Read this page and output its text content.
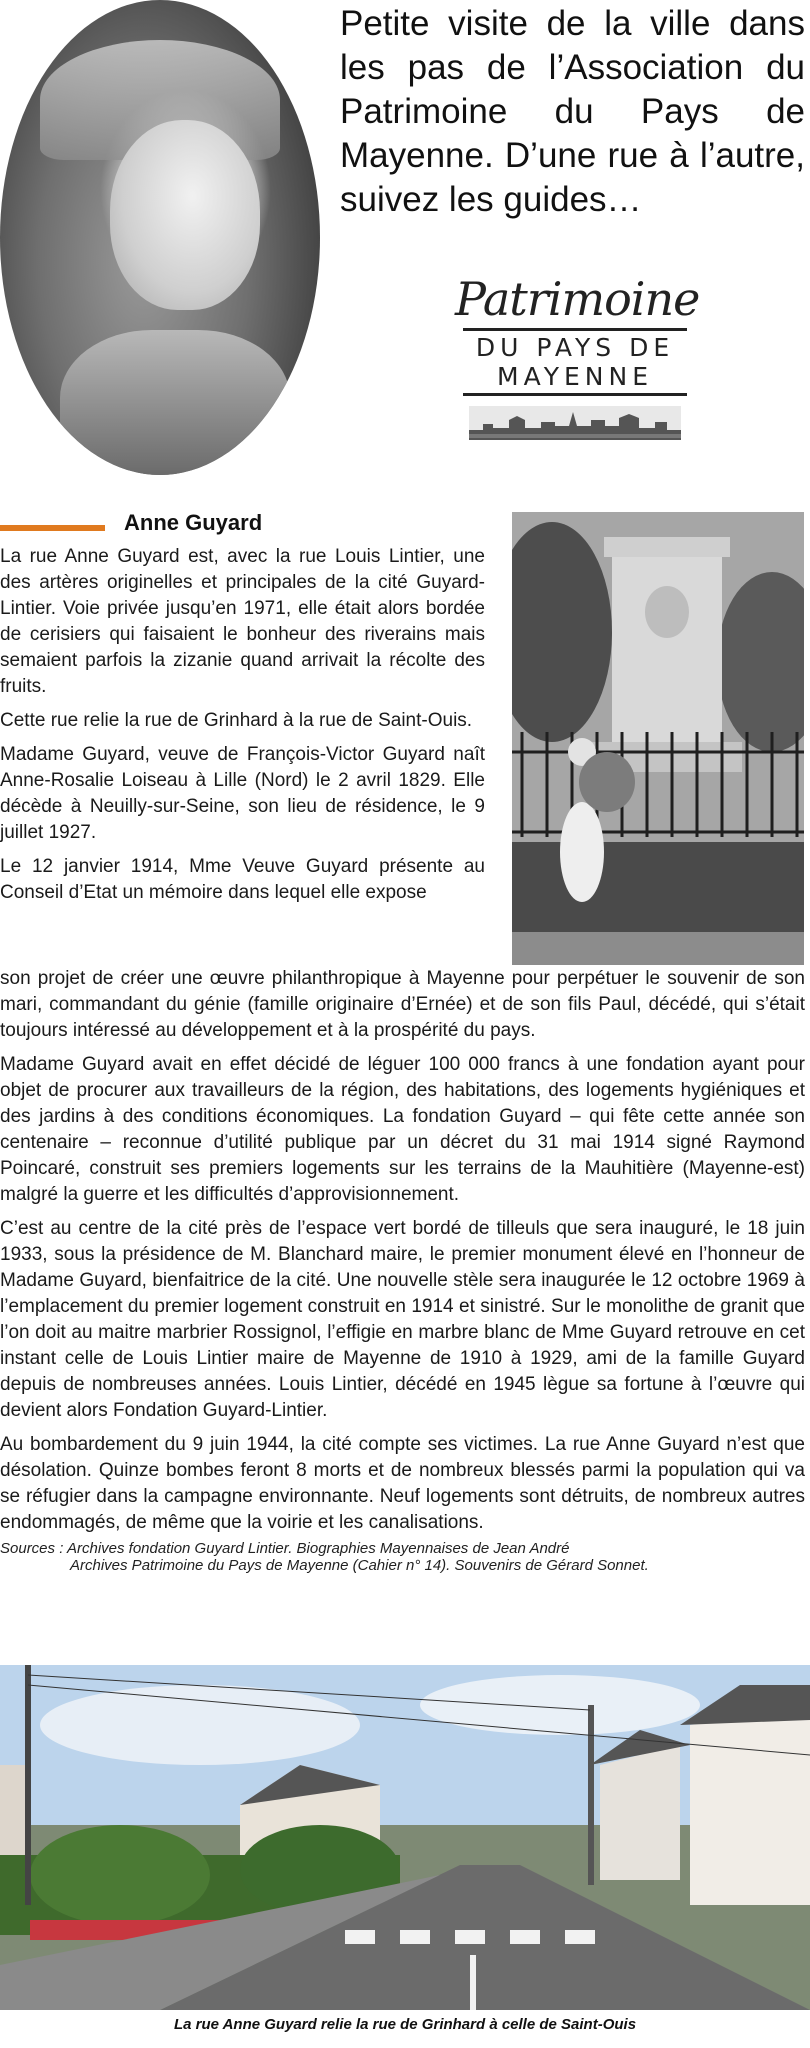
Petite visite de la ville dans les pas de l’Association du Patrimoine du Pays de Mayenne. D’une rue à l’autre, suivez les guides…
Patrimoine
DU PAYS DE
MAYENNE
Anne Guyard

La rue Anne Guyard est, avec la rue Louis Lintier, une des artères originelles et principales de la cité Guyard-Lintier. Voie privée jusqu’en 1971, elle était alors bordée de cerisiers qui faisaient le bonheur des riverains mais semaient parfois la zizanie quand arrivait la récolte des fruits.

Cette rue relie la rue de Grinhard à la rue de Saint-Ouis.

Madame Guyard, veuve de François-Victor Guyard naît Anne-Rosalie Loiseau à Lille (Nord) le 2 avril 1829. Elle décède à Neuilly-sur-Seine, son lieu de résidence, le 9 juillet 1927.

Le 12 janvier 1914, Mme Veuve Guyard présente au Conseil d’Etat un mémoire dans lequel elle expose

son projet de créer une œuvre philanthropique à Mayenne pour perpétuer le souvenir de son mari, commandant du génie (famille originaire d’Ernée) et de son fils Paul, décédé, qui s’était toujours intéressé au développement et à la prospérité du pays.

Madame Guyard avait en effet décidé de léguer 100 000 francs à une fondation ayant pour objet de procurer aux travailleurs de la région, des habitations, des logements hygiéniques et des jardins à des conditions économiques. La fondation Guyard – qui fête cette année son centenaire – reconnue d’utilité publique par un décret du 31 mai 1914 signé Raymond Poincaré, construit ses premiers logements sur les terrains de la Mauhitière (Mayenne-est) malgré la guerre et les difficultés d’approvisionnement.

C’est au centre de la cité près de l’espace vert bordé de tilleuls que sera inauguré, le 18 juin 1933, sous la présidence de M. Blanchard maire, le premier monument élevé en l’honneur de Madame Guyard, bienfaitrice de la cité. Une nouvelle stèle sera inaugurée le 12 octobre 1969 à l’emplacement du premier logement construit en 1914 et sinistré. Sur le monolithe de granit que l’on doit au maitre marbrier Rossignol, l’effigie en marbre blanc de Mme Guyard retrouve en cet instant celle de Louis Lintier maire de Mayenne de 1910 à 1929, ami de la famille Guyard depuis de nombreuses années. Louis Lintier, décédé en 1945 lègue sa fortune à l’œuvre qui devient alors Fondation Guyard-Lintier.

Au bombardement du 9 juin 1944, la cité compte ses victimes. La rue Anne Guyard n’est que désolation. Quinze bombes feront 8 morts et de nombreux blessés parmi la population qui va se réfugier dans la campagne environnante. Neuf logements sont détruits, de nombreux autres endommagés, de même que la voirie et les canalisations.

Sources : Archives fondation Guyard Lintier. Biographies Mayennaises de Jean André
Archives Patrimoine du Pays de Mayenne (Cahier n° 14). Souvenirs de Gérard Sonnet.
La rue Anne Guyard relie la rue de Grinhard à celle de Saint-Ouis
